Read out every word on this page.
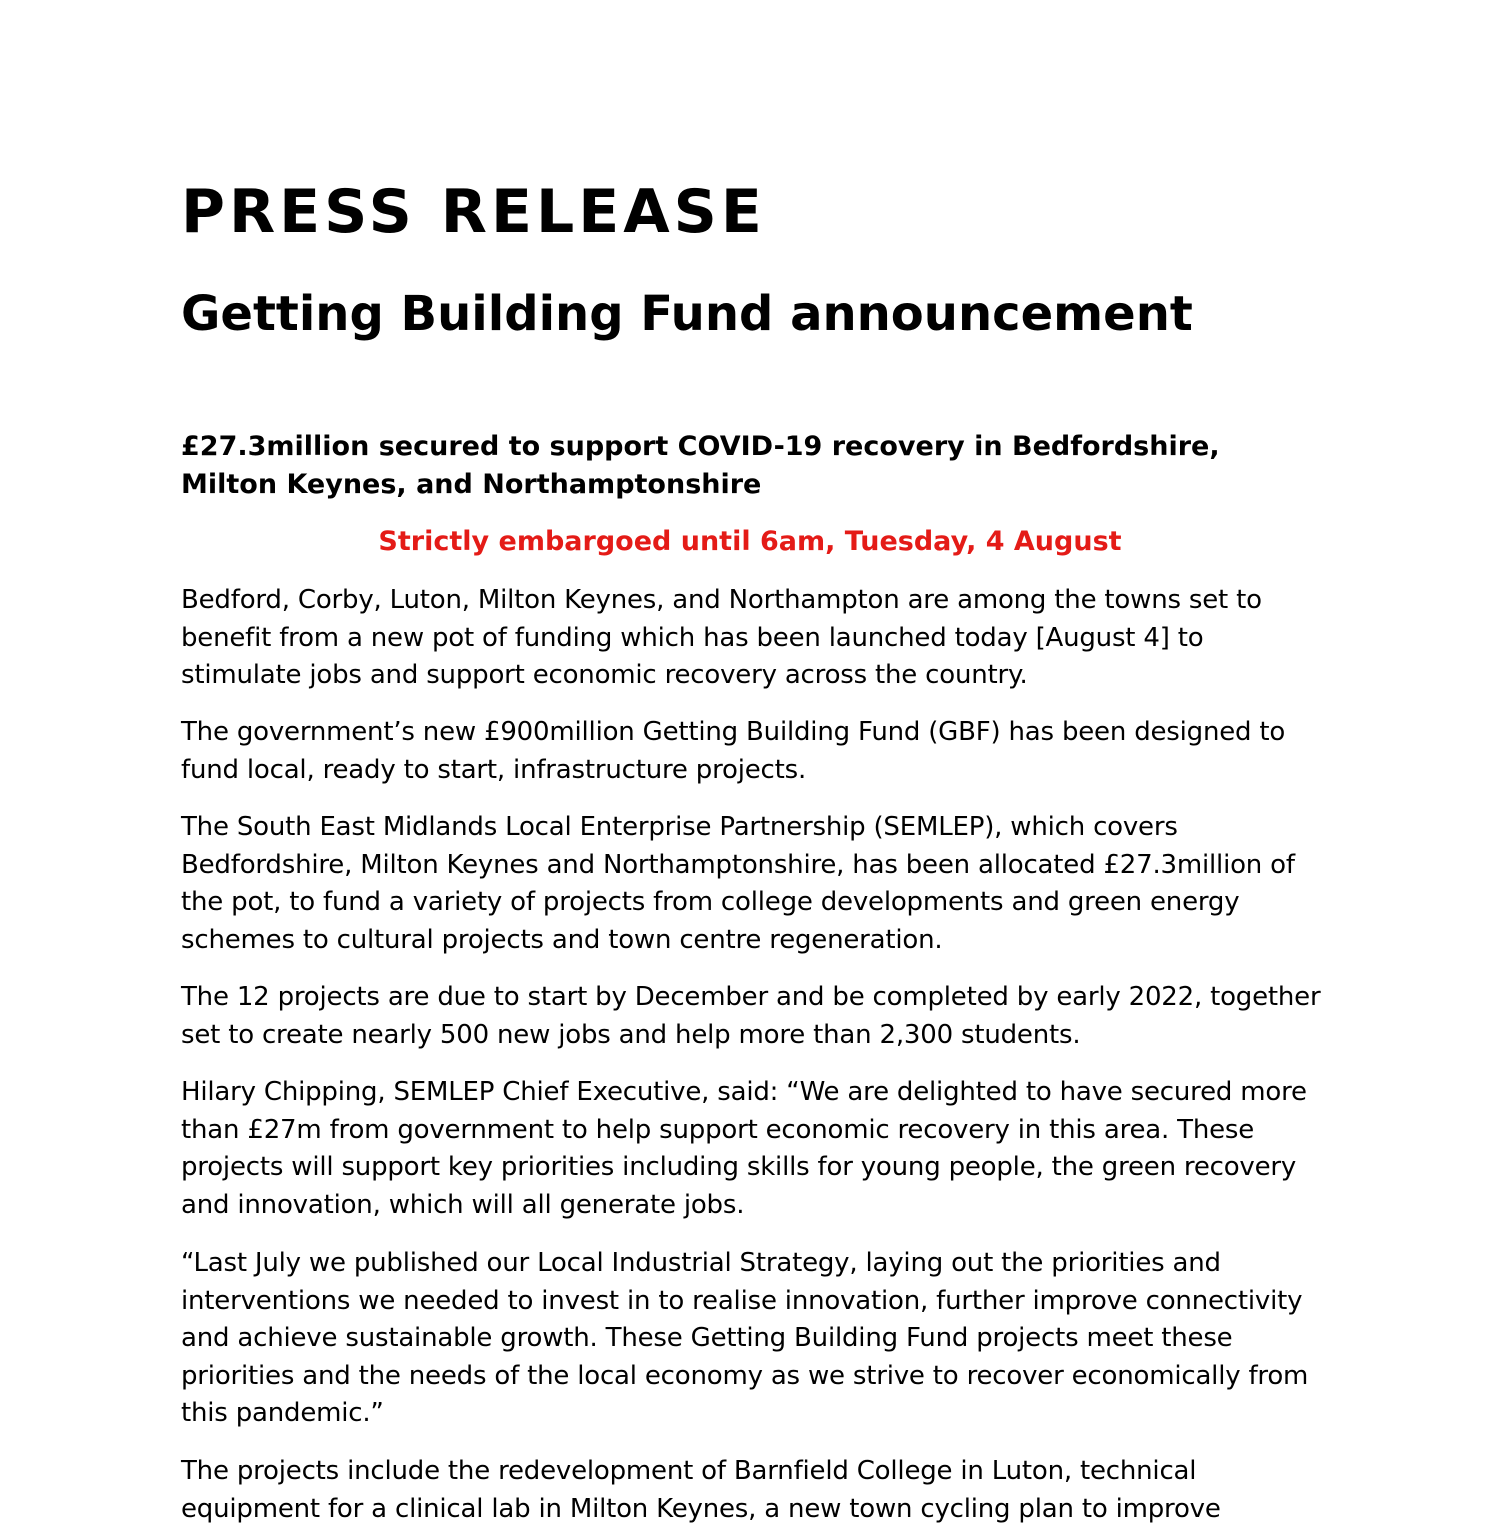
PRESS RELEASE
Getting Building Fund announcement

£27.3million secured to support COVID-19 recovery in Bedfordshire, Milton Keynes, and Northamptonshire

Strictly embargoed until 6am, Tuesday, 4 August

Bedford, Corby, Luton, Milton Keynes, and Northampton are among the towns set to benefit from a new pot of funding which has been launched today [August 4] to stimulate jobs and support economic recovery across the country.

The government’s new £900million Getting Building Fund (GBF) has been designed to fund local, ready to start, infrastructure projects.

The South East Midlands Local Enterprise Partnership (SEMLEP), which covers Bedfordshire, Milton Keynes and Northamptonshire, has been allocated £27.3million of the pot, to fund a variety of projects from college developments and green energy schemes to cultural projects and town centre regeneration.

The 12 projects are due to start by December and be completed by early 2022, together set to create nearly 500 new jobs and help more than 2,300 students.

Hilary Chipping, SEMLEP Chief Executive, said: “We are delighted to have secured more than £27m from government to help support economic recovery in this area. These projects will support key priorities including skills for young people, the green recovery and innovation, which will all generate jobs.

“Last July we published our Local Industrial Strategy, laying out the priorities and interventions we needed to invest in to realise innovation, further improve connectivity and achieve sustainable growth. These Getting Building Fund projects meet these priorities and the needs of the local economy as we strive to recover economically from this pandemic.”

The projects include the redevelopment of Barnfield College in Luton, technical equipment for a clinical lab in Milton Keynes, a new town cycling plan to improve
